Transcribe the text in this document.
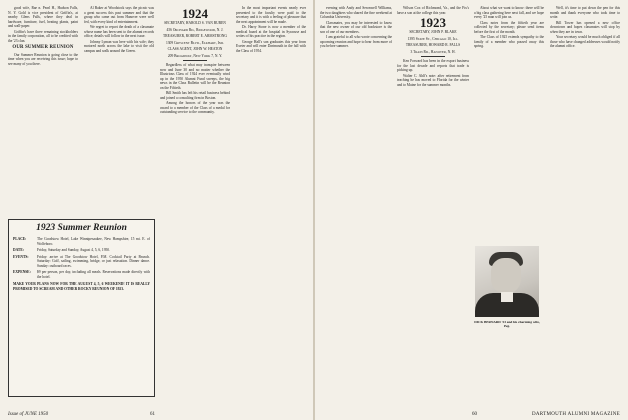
good wife, Rae n. Pearl H., Hudson Falls, N. Y. Gold is vice president of Griffin's, at nearby Glens Falls, where they deal in hardware, furniture, fuel, heating plants, paint and wall-paper.

Griffin's have three remaining stockholders in the family corporation, all to be credited with the '23 clan.

OUR SUMMER REUNION

Our Summer Reunion is going close to the time when you are receiving this issue; hope to see many of you there.

Al Baker at Woodstock says the picnic was a great success this past summer and that the group who came out from Hanover were well fed, with every kind of entertainment.

We regret to report the death of a classmate whose name has been sent to the alumni records office; details will follow in the next issue.

Johnny Lyman was here with his wife; they motored north across the lake to visit the old campus and walk around the Green.

1924
SECRETARY, HAROLD S. VAN BUREN
456 Orchard Rd., Ridgewood, N. J.
TREASURER, ROBERT E. ARMSTRONG
1309 Crescent Blvd., Elkhart, Ind.
CLASS AGENT, JOHN W. HEATON
209 Broadway, New York 7, N. Y.

Regardless of what may transpire between now and June 30 and no matter whether the Illustrious Class of 1924 ever eventually wind up in the 1950 Alumni Fund sweeps, the big news in the Class Bulletin will be the Reunion on the Fiftieth.

Bill Smith has left his retail business behind and joined a consulting firm in Boston.

Among the honors of the year was the award to a member of the Class of a medal for outstanding service to the community.

In the most important events nearly ever presented to the faculty were paid to the secretary and it is with a feeling of pleasure that the next appointment will be made.

Dr. Harry Stone is now a member of the medical board at the hospital in Syracuse and writes of his practice in the region.

George Hall's son graduates this year from Exeter and will enter Dartmouth in the fall with the Class of 1954.

1923 Summer Reunion
PLACE:	The Goodstow Hotel, Lake Winnipesaukee, New Hampshire, 15 mi. E. of Wolfeboro.
DATE:	Friday, Saturday and Sunday, August 4, 5, 6, 1950.
EVENTS:	Friday: arrive at The Goodstow Hotel, P.M. Cocktail Party at Brunch. Saturday: Golf, sailing, swimming, bridge, or just relaxation. Dinner dance. Sunday: outboard races.
EXPENSE:	$9 per person, per day, including all meals. Reservations made directly with the hotel.
MAKE YOUR PLANS NOW FOR THE AUGUST 4, 5, 6 WEEKEND! IT IS REALLY PROMISED TO SCREAM AND OTHER ROCKY REUNION OF 1923.
Issue of JUNE 1950	61

evening with Andy and Seronwell Williams, the two daughters who shared the fine weekend at Columbia University.

Classmates, you may be interested to know that the new owner of our old bookstore is the son of one of our members.

I am grateful to all who wrote concerning the upcoming reunion and hope to hear from more of you before summer.

Wilson Cox of Richmond, Va., and the Fix's have a son at the college this year.

1923
SECRETARY, JOHN P. BLAKE
1395 State St., Chicago 10, Ill.
TREASURER, HOWARD R. FALLS
3 Train Rd., Hanover, N. H.

Ken Forward has been in the export business for the last decade and reports that trade is picking up.

Walter C. Ahlf's note: after retirement from teaching he has moved to Florida for the winter and to Maine for the summer months.

About what we want to know: there will be a big class gathering here next fall, and we hope every '25 man will join us.

Class notes from the fiftieth year are collected by the secretary; please send items before the first of the month.

The Class of 1925 extends sympathy to the family of a member who passed away this spring.

DICK BERNARD '23 and his charming wife, Peg.

Well, it's time to put down the pen for this month and thank everyone who took time to write.

Bill Tower has opened a new office downtown and hopes classmates will stop by when they are in town.

Your secretary would be much obliged if all those who have changed addresses would notify the alumni office.

60	DARTMOUTH ALUMNI MAGAZINE
